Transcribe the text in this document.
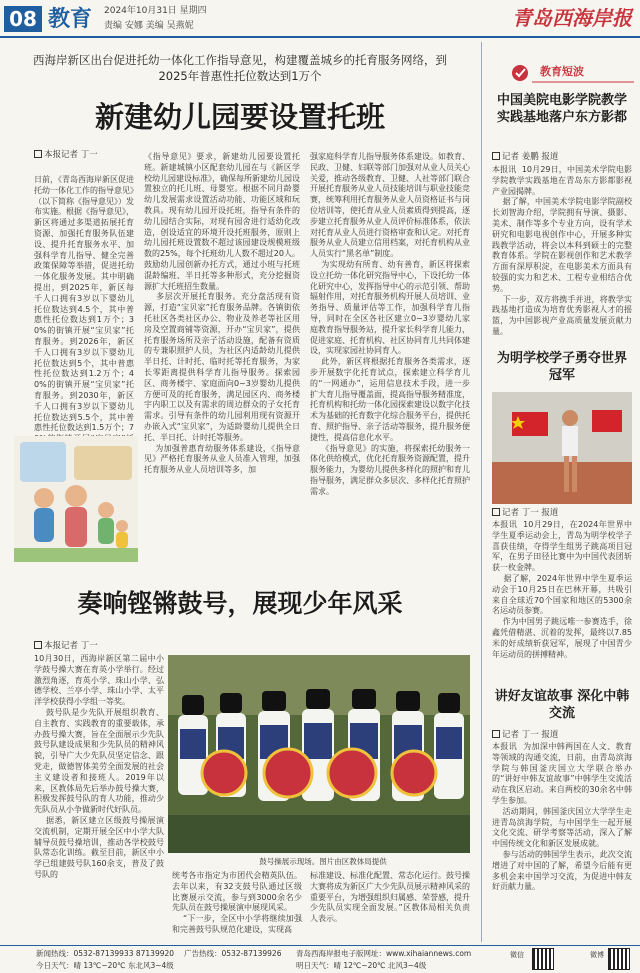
08 教育 2024年10月31日 星期四
责编 安娜 美编 吴燕妮	青岛西海岸报
西海岸新区出台促进托幼一体化工作指导意见，构建覆盖城乡的托育服务网络，到2025年普惠性托位数达到1万个
新建幼儿园要设置托班
本报记者 丁一
日前，《青岛西海岸新区促进托幼一体化工作的指导意见》（以下简称《指导意见》）发布实施。根据《指导意见》，新区将通过多渠道拓展托育资源、加强托育服务队伍建设、提升托育服务水平、加强科学育儿指导、健全完善政策保障等举措，促进托幼一体化服务发展。其中明确提出，到2025年，新区每千人口拥有3岁以下婴幼儿托位数达到4.5个，其中普惠性托位数达到1万个；30%的街镇开展“宝贝家”托育服务。到2026年，新区千人口拥有3岁以下婴幼儿托位数达到5个，其中普惠性托位数达到1.2万个；40%的街镇开展“宝贝家”托育服务。到2030年，新区千人口拥有3岁以下婴幼儿托位数达到5.5个，其中普惠性托位数达到1.5万个；7
《指导意见》要求，新建幼儿园要设置托班。新建城镇小区配套幼儿园在与《新区学校幼儿园建设标准》，确保每所新建幼儿园设置独立的托儿班、母婴室。根据不同月龄婴幼儿发展需求设置活动功能、功能区域和玩教具。现有幼儿园开设托班，指导有条件的幼儿园结合实际，对现有园舍进行适幼化改造，创设适宜的环境开设托班服务，原则上幼儿园托班设置数不超过该园建设规模班级数的25%，每个托班幼儿人数不超过20人。鼓励幼儿园创新办托方式，通过小班与托班混龄编班、半日托等多种形式，充分挖掘资源扩大托班招生数量。
多层次开展托育服务。充分盘活现有资源，打造“宝贝家”托育服务品牌。各镇街依托社区各类社区办公、物业及养老等社区用房及空置商铺等资源，开办“宝贝家”，提供托育服务场所及亲子活动设施，配备有资质的专兼职照护人员，为社区内适龄幼儿提供半日托、计时托、临时托等托育服务，为家长零距离提供科学育儿指导服务。探索园区、商务楼宇、家庭面向0~3岁婴幼儿提供方便可及的托育服务，满足园区内、商务楼宇内职工以及有需求的周边群众的子女托育需求。引导有条件的幼儿园利用现有资源开办嵌入式“宝贝家”，为适龄婴幼儿提供全日托、半日托、计时托等服务。
为加强普惠育幼服务体系建设，《指导意见》严格托育服务从业人员准入管理，加强托育服务从业人员培训等多，加
强家庭科学育儿指导服务体系建设。如教育、民政、卫健、妇联等部门加强对从业人员关心关爱，推动各级教育、卫健、人社等部门联合开展托育服务从业人员技能培训与职业技能竞赛，统筹利用托育服务从业人员资格证书与岗位培训等，使托育从业人员素质得到提高，逐步建立托育服务从业人员评价标准体系，依法对托育从业人员进行资格审查和认定。对托育服务从业人员建立信用档案，对托育机构从业人员实行“黑名单”制度。
为实现幼有所育、幼有善育，新区将探索设立托幼一体化研究指导中心，下设托幼一体化研究中心，发挥指导中心的示范引领、帮助辐射作用，对托育服务机构开展人员培训、业务指导、质量评估等工作，加强科学育儿指导，同时在全区各社区建立0~3岁婴幼儿家庭教育指导服务站，提升家长科学育儿能力，促进家庭、托育机构、社区协同育儿共同体建设，实现家园社协同育人。
此外，新区将根据托育服务各类需求，逐步开展数字化托育试点，探索建立科学育儿的“一网通办”，运用信息技术手段，进一步扩大育儿指导覆盖面，提高指导服务精准度，托育机构和托幼一体化园探索建设以数字化技术为基础的托育数字化综合服务平台，提供托育、照护指导、亲子活动等服务，提升服务便捷性，提高信息化水平。
《指导意见》的实施，将探索托幼服务一体化供给模式，优化托育服务资源配置，提升服务能力，为婴幼儿提供多样化的照护和育儿指导服务，满足群众多层次、多样化托育照护需求。
奏响铿锵鼓号，展现少年风采
本报记者 丁一
10月30日，西海岸新区第二届中小学鼓号操大赛在育英小学举行。经过激烈角逐，育英小学、珠山小学、弘德学校、兰亭小学、珠山小学、太平洋学校获得小学组一等奖。
鼓号队是少先队开展组织教育、自主教育、实践教育的重要载体，承办鼓号操大赛，旨在全面展示少先队鼓号队建设成果和少先队员的精神风貌，引导广大少先队员坚定信念、跟党走，做德智体美劳全面发展的社会主义建设者和接班人。2019年以来，区教体局先后举办鼓号操大赛，积极发挥鼓号队的育人功能，推动少先队员从小争做新时代好队员。
据悉，新区建立区级鼓号操展演交流机制，定期开展全区中小学大队辅导员鼓号操培训，推动各学校鼓号队常态化训练。截至目前，新区中小学已组建鼓号队160余支，普及了鼓号队的
鼓号操展示现场。图片由区教体局提供
统考各市指定为市团代会精英队伍。去年以来，有32支鼓号队通过区级比赛展示交流，参与到3000余名少先队员在鼓号操展演中展现风采。
“下一步，全区中小学将继续加强和完善鼓号队规范化建设，实现高
标准建设、标准化配置、常态化运行。鼓号操大赛将成为新区广大少先队员展示精神风采的重要平台，为增强组织归属感、荣誉感，提升少先队员实现全面发展。”区教体局相关负责人表示。
教育短波
中国美院电影学院教学实践基地落户东方影都
记者 姜鹏 报道
本报讯  10月29日，中国美术学院电影学院教学实践基地在青岛东方影都影视产业园揭牌。
据了解，中国美术学院电影学院副校长刘智海介绍，学院拥有导演、摄影、美术、制作等多个专业方向，设有学术研究和电影电视创作中心，开展多种实践教学活动，将会以本科到硕士的完整教育体系。学院在影视创作和艺术教学方面有深厚积淀，在电影美术方面具有较强的实力和艺术、工程专业相结合优势。
下一步，双方将携手并进，将教学实践基地打造成为培育优秀影视人才的摇篮，为中国影视产业高质量发展贡献力量。
为明学校学子勇夺世界冠军
记者 丁一 报道
本报讯  10月29日，在2024年世界中学生夏季运动会上，青岛为明学校学子喜获佳绩，夺得学生组男子跳高项目冠军，在男子田径比赛中为中国代表团斩获一枚金牌。
据了解，2024年世界中学生夏季运动会于10月25日在巴林开幕，共吸引来自全球近70个国家和地区的5300余名运动员参赛。
作为中国男子跳远唯一参赛选手，徐鑫凭借精湛、沉着的发挥，最终以7.85米的好成绩斩获冠军，展现了中国青少年运动员的拼搏精神。
讲好友谊故事 深化中韩交流
记者 丁一 报道
本报讯  为加深中韩两国在人文、教育等领域的沟通交流，日前，由青岛滨海学院与韩国釜庆国立大学联合举办的“讲好中韩友谊故事”中韩学生交流活动在我区启动。来自两校的30余名中韩学生参加。
活动期间，韩国釜庆国立大学学生走进青岛滨海学院，与中国学生一起开展文化交流、研学考察等活动，深入了解中国传统文化和新区发展成就。
参与活动的韩国学生表示，此次交流增进了对中国的了解，希望今后能有更多机会来中国学习交流，为促进中韩友好贡献力量。
新闻热线：0532-87139933 87139920 广告热线：0532-87139926 青岛西海岸报电子版网址：www.xihaiannews.com
今日天气：晴 13℃~20℃ 东北风3~4级	明日天气：晴 12℃~20℃ 北风3~4级
微信	微博
